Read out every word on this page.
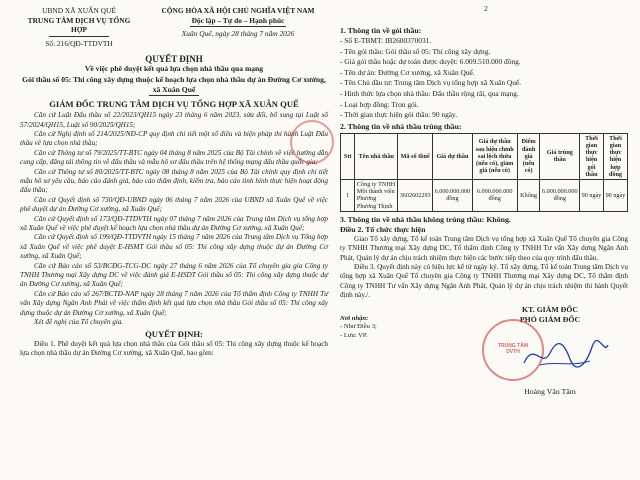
2
UBND XÃ XUÂN QUẾ
TRUNG TÂM DỊCH VỤ TỔNG HỢP
Số: 216/QĐ-TTDVTH
CỘNG HÒA XÃ HỘI CHỦ NGHĨA VIỆT NAM
Độc lập – Tự do – Hạnh phúc
Xuân Quế, ngày 28 tháng 7 năm 2026
QUYẾT ĐỊNH
Về việc phê duyệt kết quả lựa chọn nhà thầu qua mạng
Gói thầu số 05: Thi công xây dựng thuộc kế hoạch lựa chọn nhà thầu dự án Đường Cơ xưởng, xã Xuân Quế
GIÁM ĐỐC TRUNG TÂM DỊCH VỤ TỔNG HỢP XÃ XUÂN QUẾ
Căn cứ Luật Đấu thầu số 22/2023/QH15 ngày 23 tháng 6 năm 2023, sửa đổi, bổ sung tại Luật số 57/2024/QH15, Luật số 90/2025/QH15;
Căn cứ Nghị định số 214/2025/NĐ-CP quy định chi tiết một số điều và biện pháp thi hành Luật Đấu thầu về lựa chọn nhà thầu;
Căn cứ Thông tư số 79/2025/TT-BTC ngày 04 tháng 8 năm 2025 của Bộ Tài chính về việc hướng dẫn cung cấp, đăng tải thông tin về đấu thầu và mẫu hồ sơ đấu thầu trên hệ thống mạng đấu thầu quốc gia;
Căn cứ Thông tư số 80/2025/TT-BTC ngày 08 tháng 8 năm 2025 của Bộ Tài chính quy định chi tiết mẫu hồ sơ yêu cầu, báo cáo đánh giá, báo cáo thẩm định, kiểm tra, báo cáo tình hình thực hiện hoạt động đấu thầu;
Căn cứ Quyết định số 730/QĐ-UBND ngày 06 tháng 7 năm 2026 của UBND xã Xuân Quế về việc phê duyệt dự án Đường Cơ xưởng, xã Xuân Quế;
Căn cứ Quyết định số 173/QĐ-TTDVTH ngày 07 tháng 7 năm 2026 của Trung tâm Dịch vụ tổng hợp xã Xuân Quế về việc phê duyệt kế hoạch lựa chọn nhà thầu dự án Đường Cơ xưởng, xã Xuân Quế;
Căn cứ Quyết định số 199/QĐ-TTDVTH ngày 15 tháng 7 năm 2026 của Trung tâm Dịch vụ Tổng hợp xã Xuân Quế về việc phê duyệt E-HSMT Gói thầu số 05: Thi công xây dựng thuộc dự án Đường Cơ xưởng, xã Xuân Quế;
Căn cứ Báo cáo số 53/BCĐG-TCG-DC ngày 27 tháng 6 năm 2026 của Tổ chuyên gia gia Công ty TNHH Thương mại Xây dựng DC về việc đánh giá E-HSDT Gói thầu số 05: Thi công xây dựng thuộc dự án Đường Cơ xưởng, xã Xuân Quế;
Căn cứ Báo cáo số 267/BCTĐ-NAP ngày 28 tháng 7 năm 2026 của Tổ thẩm định Công ty TNHH Tư vấn Xây dựng Ngân Anh Phát về việc thẩm định kết quả lựa chọn nhà thầu Gói thầu số 05: Thi công xây dựng thuộc dự án Đường Cơ xưởng, xã Xuân Quế;
Xét đề nghị của Tổ chuyên gia.
QUYẾT ĐỊNH:
Điều 1. Phê duyệt kết quả lựa chọn nhà thầu của Gói thầu số 05: Thi công xây dựng thuộc kế hoạch lựa chọn nhà thầu dự án Đường Cơ xưởng, xã Xuân Quế, bao gồm:
1. Thông tin về gói thầu:
- Số E-TBMT: IB2600370031.
- Tên gói thầu: Gói thầu số 05: Thi công xây dựng.
- Giá gói thầu hoặc dự toán được duyệt: 6.009.510.000 đồng.
- Tên dự án: Đường Cơ xưởng, xã Xuân Quế.
- Tên Chủ đầu tư: Trung tâm Dịch vụ tổng hợp xã Xuân Quế.
- Hình thức lựa chọn nhà thầu: Đấu thầu rộng rãi, qua mạng.
- Loại hợp đồng: Trọn gói.
- Thời gian thực hiện gói thầu: 90 ngày.
2. Thông tin về nhà thầu trúng thầu:
Stt	Tên nhà thầu	Mã số thuế	Giá dự thầu	Giá dự thầu sau hiệu chỉnh sai lệch thừa (nếu có), giảm giá (nếu có)	Điểm đánh giá (nếu có)	Giá trúng thầu	Thời gian thực hiện gói thầu	Thời gian thực hiện hợp đồng
1	Công ty TNHH Một thành viên Phương Phương Thịnh	3602602293	6.000.000.000 đồng	6.000.000.000 đồng	Không	6.000.000.000 đồng	90 ngày	90 ngày
3. Thông tin về nhà thầu không trúng thầu: Không.
Điều 2. Tổ chức thực hiện
Giao Tổ xây dựng, Tổ kế toán Trung tâm Dịch vụ tổng hợp xã Xuân Quế Tổ chuyên gia Công ty TNHH Thương mại Xây dựng DC, Tổ thẩm định Công ty TNHH Tư vấn Xây dựng Ngân Anh Phát, Quản lý dự án chịu trách nhiệm thực hiện các bước tiếp theo của quy trình đấu thầu.
Điều 3. Quyết định này có hiệu lực kể từ ngày ký. Tổ xây dựng, Tổ kế toán Trung tâm Dịch vụ tổng hợp xã Xuân Quế Tổ chuyên gia Công ty TNHH Thương mại Xây dựng DC, Tổ thẩm định Công ty TNHH Tư vấn Xây dựng Ngân Anh Phát, Quản lý dự án chịu trách nhiệm thi hành Quyết định này./.
Nơi nhận:
- Như Điều 3;
- Lưu: VP.
KT. GIÁM ĐỐC
PHÓ GIÁM ĐỐC
Hoàng Văn Tâm
TRUNG TÂM
DVTH
